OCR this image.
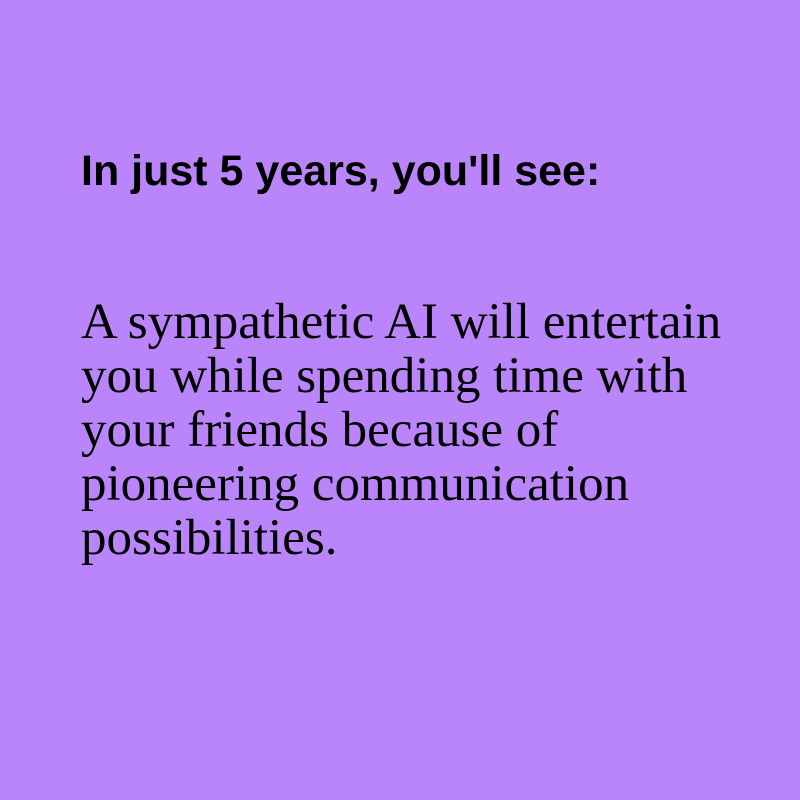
In just 5 years, you'll see:

A sympathetic AI will entertain you while spending time with your friends because of pioneering communication possibilities.
